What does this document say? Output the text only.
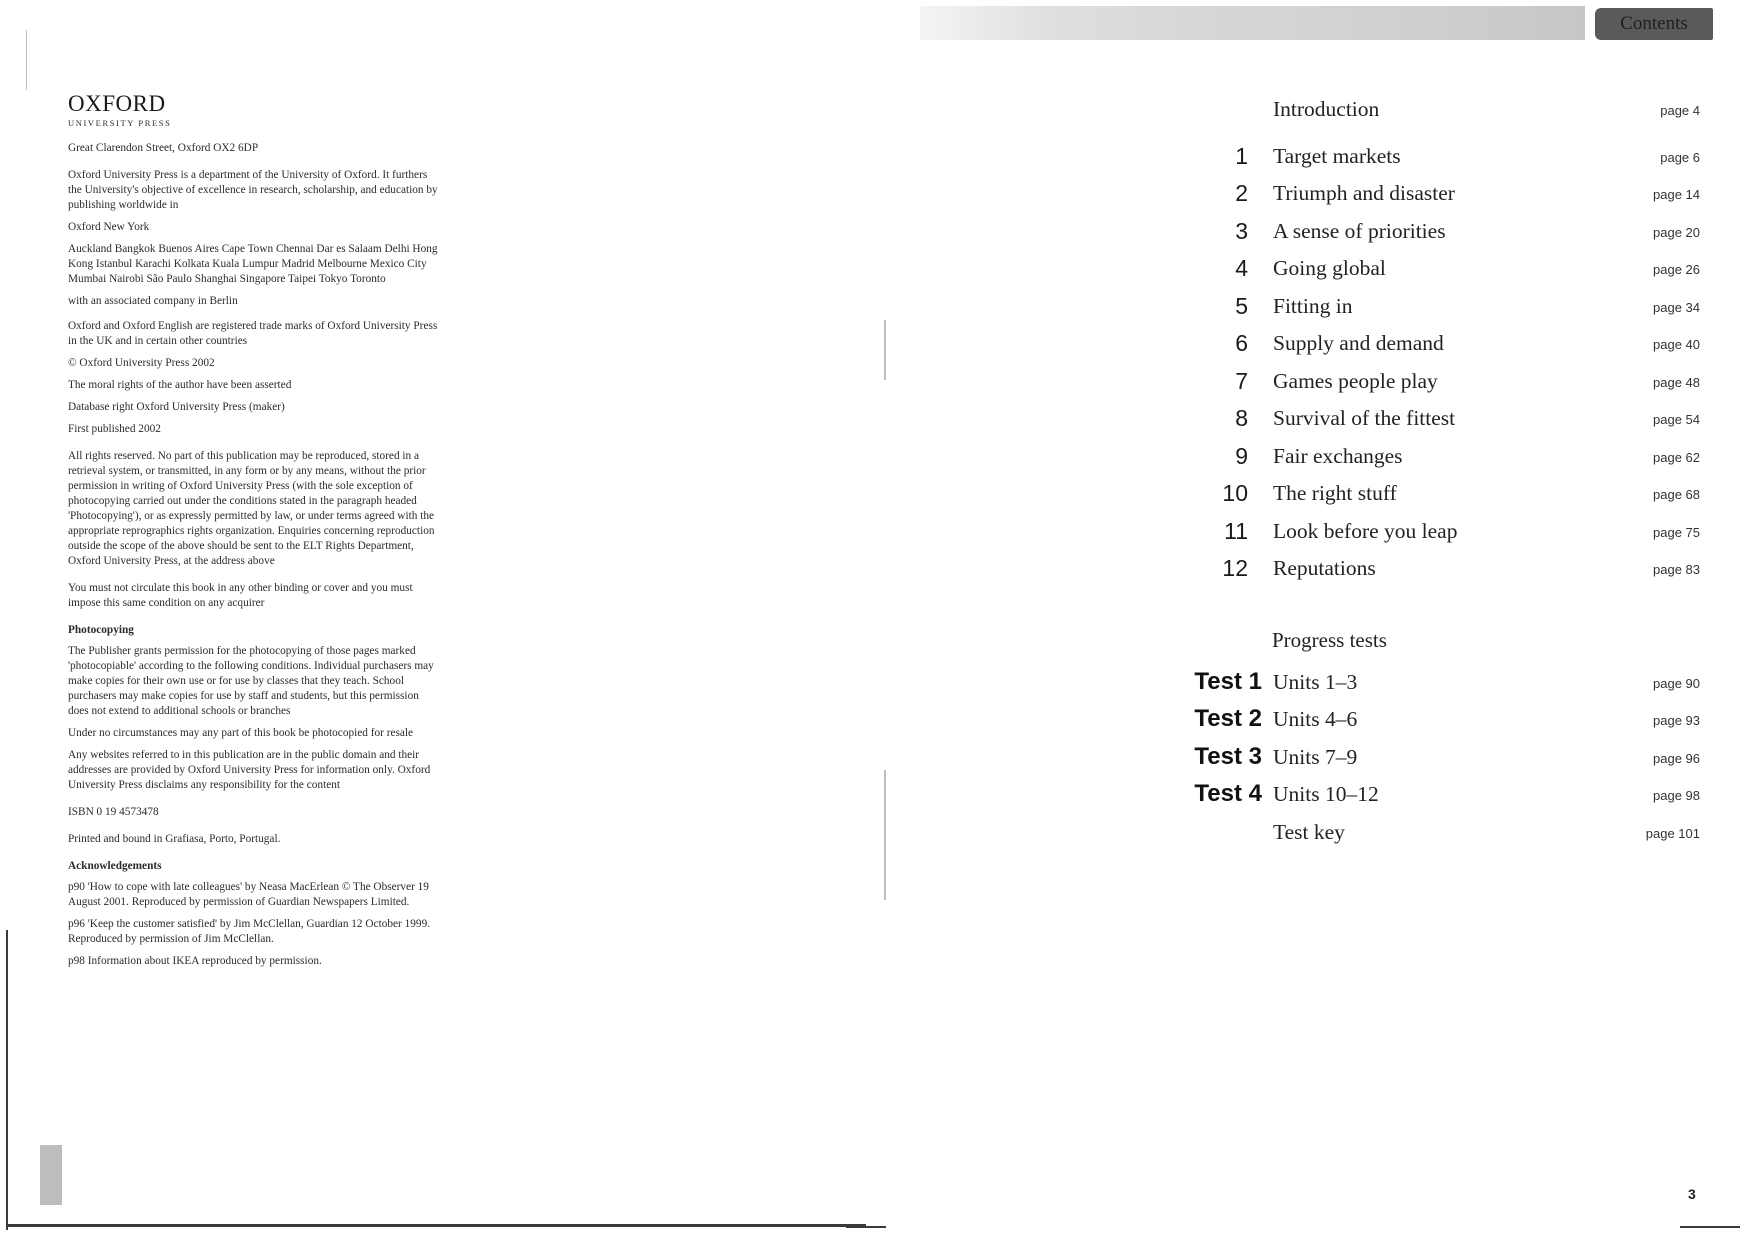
OXFORD
UNIVERSITY PRESS

Great Clarendon Street, Oxford OX2 6DP

Oxford University Press is a department of the University of Oxford. It furthers the University's objective of excellence in research, scholarship, and education by publishing worldwide in

Oxford New York

Auckland Bangkok Buenos Aires Cape Town Chennai Dar es Salaam Delhi Hong Kong Istanbul Karachi Kolkata Kuala Lumpur Madrid Melbourne Mexico City Mumbai Nairobi São Paulo Shanghai Singapore Taipei Tokyo Toronto

with an associated company in Berlin

Oxford and Oxford English are registered trade marks of Oxford University Press in the UK and in certain other countries

© Oxford University Press 2002

The moral rights of the author have been asserted

Database right Oxford University Press (maker)

First published 2002

All rights reserved. No part of this publication may be reproduced, stored in a retrieval system, or transmitted, in any form or by any means, without the prior permission in writing of Oxford University Press (with the sole exception of photocopying carried out under the conditions stated in the paragraph headed 'Photocopying'), or as expressly permitted by law, or under terms agreed with the appropriate reprographics rights organization. Enquiries concerning reproduction outside the scope of the above should be sent to the ELT Rights Department, Oxford University Press, at the address above

You must not circulate this book in any other binding or cover and you must impose this same condition on any acquirer

Photocopying

The Publisher grants permission for the photocopying of those pages marked 'photocopiable' according to the following conditions. Individual purchasers may make copies for their own use or for use by classes that they teach. School purchasers may make copies for use by staff and students, but this permission does not extend to additional schools or branches

Under no circumstances may any part of this book be photocopied for resale

Any websites referred to in this publication are in the public domain and their addresses are provided by Oxford University Press for information only. Oxford University Press disclaims any responsibility for the content

ISBN 0 19 4573478

Printed and bound in Grafiasa, Porto, Portugal.

Acknowledgements

p90 'How to cope with late colleagues' by Neasa MacErlean © The Observer 19 August 2001. Reproduced by permission of Guardian Newspapers Limited.

p96 'Keep the customer satisfied' by Jim McClellan, Guardian 12 October 1999. Reproduced by permission of Jim McClellan.

p98 Information about IKEA reproduced by permission.

Contents
Introduction	page 4
1 Target markets	page 6
2 Triumph and disaster	page 14
3 A sense of priorities	page 20
4 Going global	page 26
5 Fitting in	page 34
6 Supply and demand	page 40
7 Games people play	page 48
8 Survival of the fittest	page 54
9 Fair exchanges	page 62
10 The right stuff	page 68
11 Look before you leap	page 75
12 Reputations	page 83
Progress tests
Test 1 Units 1–3	page 90
Test 2 Units 4–6	page 93
Test 3 Units 7–9	page 96
Test 4 Units 10–12	page 98
Test key	page 101
3
